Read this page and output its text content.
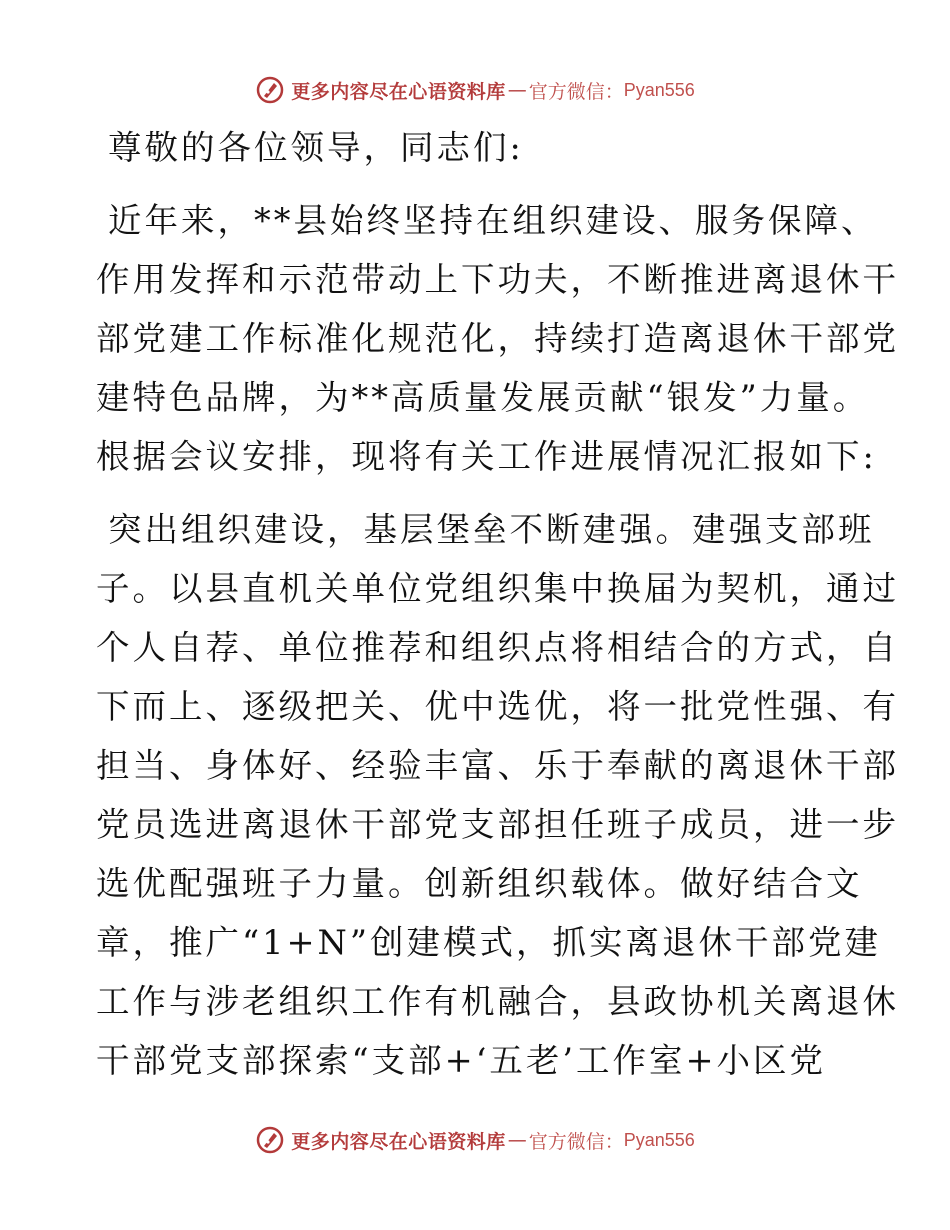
更多内容尽在心语资料库 — 官方微信： Pyan556
尊敬的各位领导，同志们:
近年来，**县始终坚持在组织建设、服务保障、
作用发挥和示范带动上下功夫，不断推进离退休干
部党建工作标准化规范化，持续打造离退休干部党
建特色品牌，为**高质量发展贡献“银发”力量。
根据会议安排，现将有关工作进展情况汇报如下:
突出组织建设，基层堡垒不断建强。建强支部班
子。以县直机关单位党组织集中换届为契机，通过
个人自荐、单位推荐和组织点将相结合的方式，自
下而上、逐级把关、优中选优，将一批党性强、有
担当、身体好、经验丰富、乐于奉献的离退休干部
党员选进离退休干部党支部担任班子成员，进一步
选优配强班子力量。创新组织载体。做好结合文
章，推广“1+N”创建模式，抓实离退休干部党建
工作与涉老组织工作有机融合，县政协机关离退休
干部党支部探索“支部+‘五老’工作室+小区党
更多内容尽在心语资料库 — 官方微信： Pyan556
